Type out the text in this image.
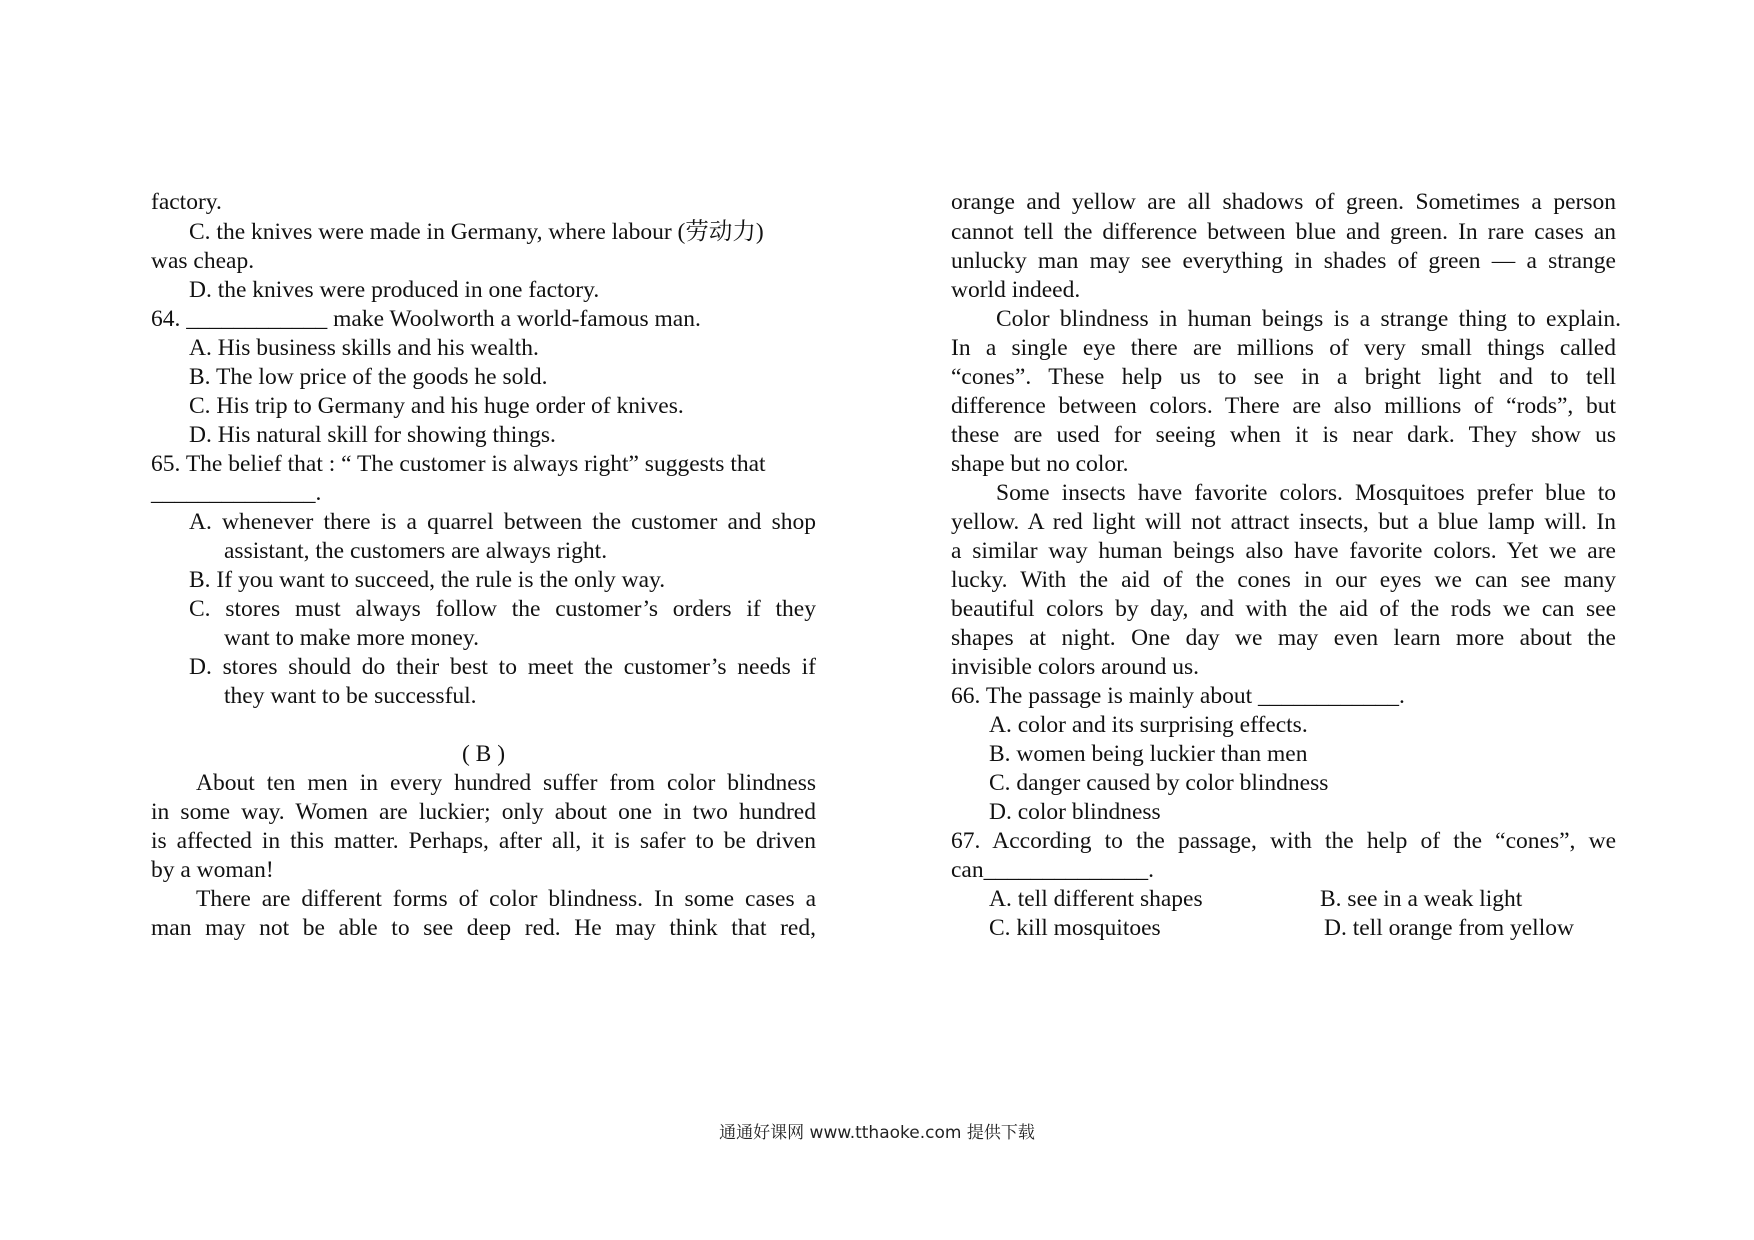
factory.
C. the knives were made in Germany, where labour (劳动力)
was cheap.
D. the knives were produced in one factory.
64. ____________ make Woolworth a world-famous man.
A. His business skills and his wealth.
B. The low price of the goods he sold.
C. His trip to Germany and his huge order of knives.
D. His natural skill for showing things.
65. The belief that : “ The customer is always right” suggests that
______________.
A. whenever there is a quarrel between the customer and shop
assistant, the customers are always right.
B. If you want to succeed, the rule is the only way.
C. stores must always follow the customer’s orders if they
want to make more money.
D. stores should do their best to meet the customer’s needs if
they want to be successful.
( B )
About ten men in every hundred suffer from color blindness
in some way. Women are luckier; only about one in two hundred
is affected in this matter. Perhaps, after all, it is safer to be driven
by a woman!
There are different forms of color blindness. In some cases a
man may not be able to see deep red. He may think that red,
orange and yellow are all shadows of green. Sometimes a person
cannot tell the difference between blue and green. In rare cases an
unlucky man may see everything in shades of green — a strange
world indeed.
Color blindness in human beings is a strange thing to explain.
In a single eye there are millions of very small things called
“cones”. These help us to see in a bright light and to tell
difference between colors. There are also millions of “rods”, but
these are used for seeing when it is near dark. They show us
shape but no color.
Some insects have favorite colors. Mosquitoes prefer blue to
yellow. A red light will not attract insects, but a blue lamp will. In
a similar way human beings also have favorite colors. Yet we are
lucky. With the aid of the cones in our eyes we can see many
beautiful colors by day, and with the aid of the rods we can see
shapes at night. One day we may even learn more about the
invisible colors around us.
66. The passage is mainly about ____________.
A. color and its surprising effects.
B. women being luckier than men
C. danger caused by color blindness
D. color blindness
67. According to the passage, with the help of the “cones”, we
can______________.
A. tell different shapes	B. see in a weak light
C. kill mosquitoes	D. tell orange from yellow
通通好课网 www.tthaoke.com 提供下载
